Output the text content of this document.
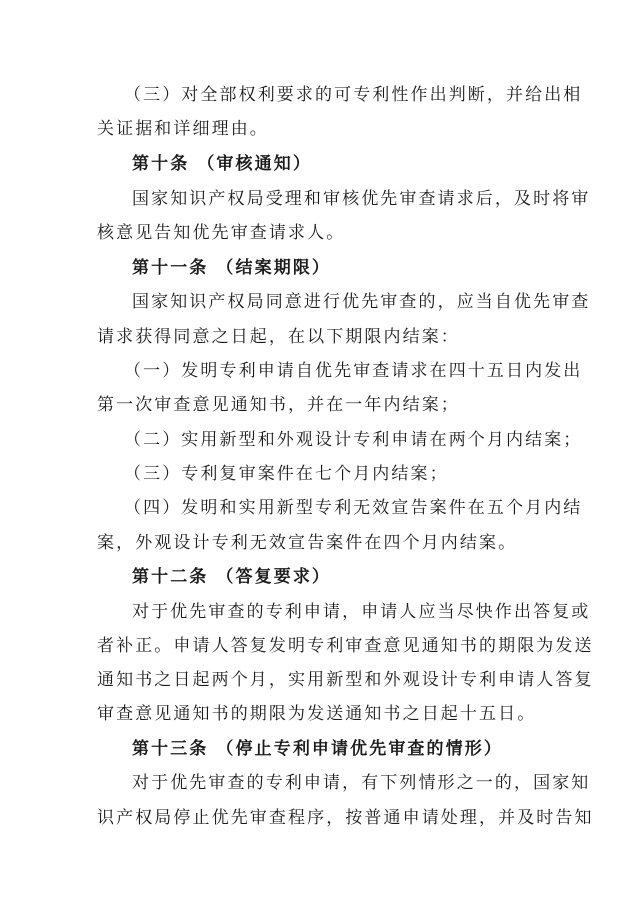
（三）对全部权利要求的可专利性作出判断，并给出相
关证据和详细理由。
第十条 （审核通知）
国家知识产权局受理和审核优先审查请求后，及时将审
核意见告知优先审查请求人。
第十一条 （结案期限）
国家知识产权局同意进行优先审查的，应当自优先审查
请求获得同意之日起，在以下期限内结案：
（一）发明专利申请自优先审查请求在四十五日内发出
第一次审查意见通知书，并在一年内结案；
（二）实用新型和外观设计专利申请在两个月内结案；
（三）专利复审案件在七个月内结案；
（四）发明和实用新型专利无效宣告案件在五个月内结
案，外观设计专利无效宣告案件在四个月内结案。
第十二条 （答复要求）
对于优先审查的专利申请，申请人应当尽快作出答复或
者补正。申请人答复发明专利审查意见通知书的期限为发送
通知书之日起两个月，实用新型和外观设计专利申请人答复
审查意见通知书的期限为发送通知书之日起十五日。
第十三条 （停止专利申请优先审查的情形）
对于优先审查的专利申请，有下列情形之一的，国家知
识产权局停止优先审查程序，按普通申请处理，并及时告知
